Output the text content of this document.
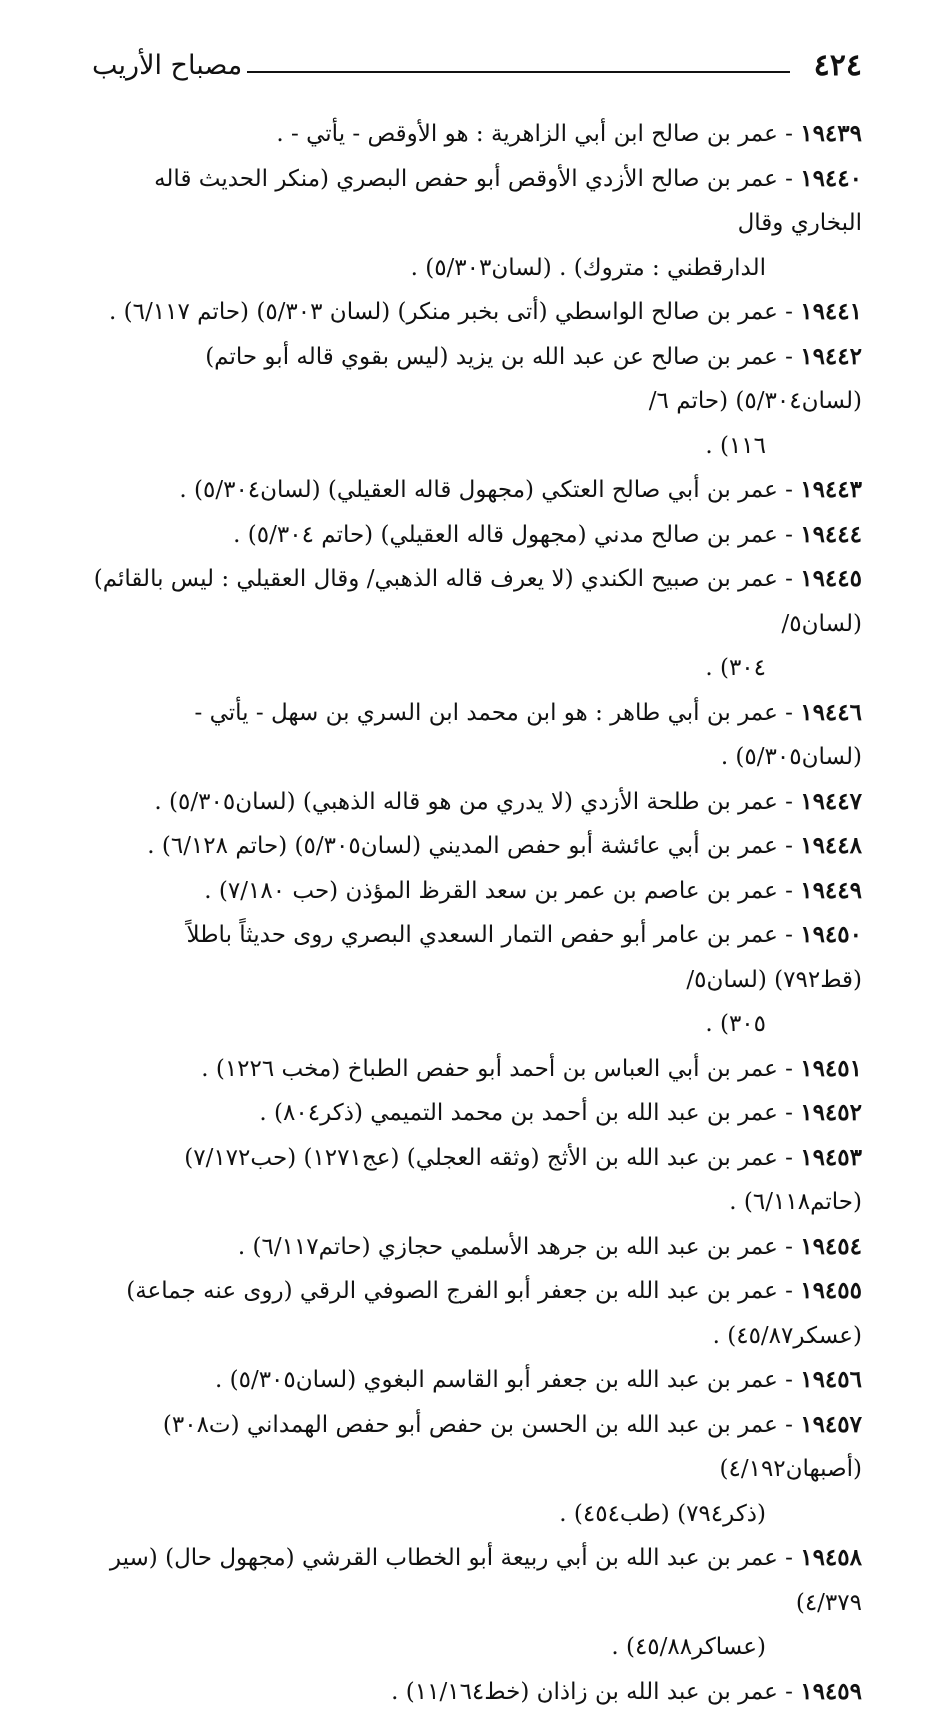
٤٢٤
مصباح الأريب

١٩٤٣٩ - عمر بن صالح ابن أبي الزاهرية : هو الأوقص - يأتي - .

١٩٤٤٠ - عمر بن صالح الأزدي الأوقص أبو حفص البصري (منكر الحديث قاله البخاري وقال
الدارقطني : متروك) . (لسان٥/٣٠٣) .

١٩٤٤١ - عمر بن صالح الواسطي (أتى بخبر منكر) (لسان ٥/٣٠٣) (حاتم ٦/١١٧) .

١٩٤٤٢ - عمر بن صالح عن عبد الله بن يزيد (ليس بقوي قاله أبو حاتم) (لسان٥/٣٠٤) (حاتم ٦/
١١٦) .

١٩٤٤٣ - عمر بن أبي صالح العتكي (مجهول قاله العقيلي) (لسان٥/٣٠٤) .

١٩٤٤٤ - عمر بن صالح مدني (مجهول قاله العقيلي) (حاتم ٥/٣٠٤) .

١٩٤٤٥ - عمر بن صبيح الكندي (لا يعرف قاله الذهبي/ وقال العقيلي : ليس بالقائم) (لسان٥/
٣٠٤) .

١٩٤٤٦ - عمر بن أبي طاهر : هو ابن محمد ابن السري بن سهل - يأتي - (لسان٥/٣٠٥) .

١٩٤٤٧ - عمر بن طلحة الأزدي (لا يدري من هو قاله الذهبي) (لسان٥/٣٠٥) .

١٩٤٤٨ - عمر بن أبي عائشة أبو حفص المديني (لسان٥/٣٠٥) (حاتم ٦/١٢٨) .

١٩٤٤٩ - عمر بن عاصم بن عمر بن سعد القرظ المؤذن (حب ٧/١٨٠) .

١٩٤٥٠ - عمر بن عامر أبو حفص التمار السعدي البصري روى حديثاً باطلاً (قط٧٩٢) (لسان٥/
٣٠٥) .

١٩٤٥١ - عمر بن أبي العباس بن أحمد أبو حفص الطباخ (مخب ١٢٢٦) .

١٩٤٥٢ - عمر بن عبد الله بن أحمد بن محمد التميمي (ذكر٨٠٤) .

١٩٤٥٣ - عمر بن عبد الله بن الأثج (وثقه العجلي) (عج١٢٧١) (حب٧/١٧٢) (حاتم٦/١١٨) .

١٩٤٥٤ - عمر بن عبد الله بن جرهد الأسلمي حجازي (حاتم٦/١١٧) .

١٩٤٥٥ - عمر بن عبد الله بن جعفر أبو الفرج الصوفي الرقي (روى عنه جماعة) (عسكر٤٥/٨٧) .

١٩٤٥٦ - عمر بن عبد الله بن جعفر أبو القاسم البغوي (لسان٥/٣٠٥) .

١٩٤٥٧ - عمر بن عبد الله بن الحسن بن حفص أبو حفص الهمداني (ت٣٠٨) (أصبهان٤/١٩٢)
(ذكر٧٩٤) (طب٤٥٤) .

١٩٤٥٨ - عمر بن عبد الله بن أبي ربيعة أبو الخطاب القرشي (مجهول حال) (سير ٤/٣٧٩)
(عساكر٤٥/٨٨) .

١٩٤٥٩ - عمر بن عبد الله بن زاذان (خط١١/١٦٤) .
